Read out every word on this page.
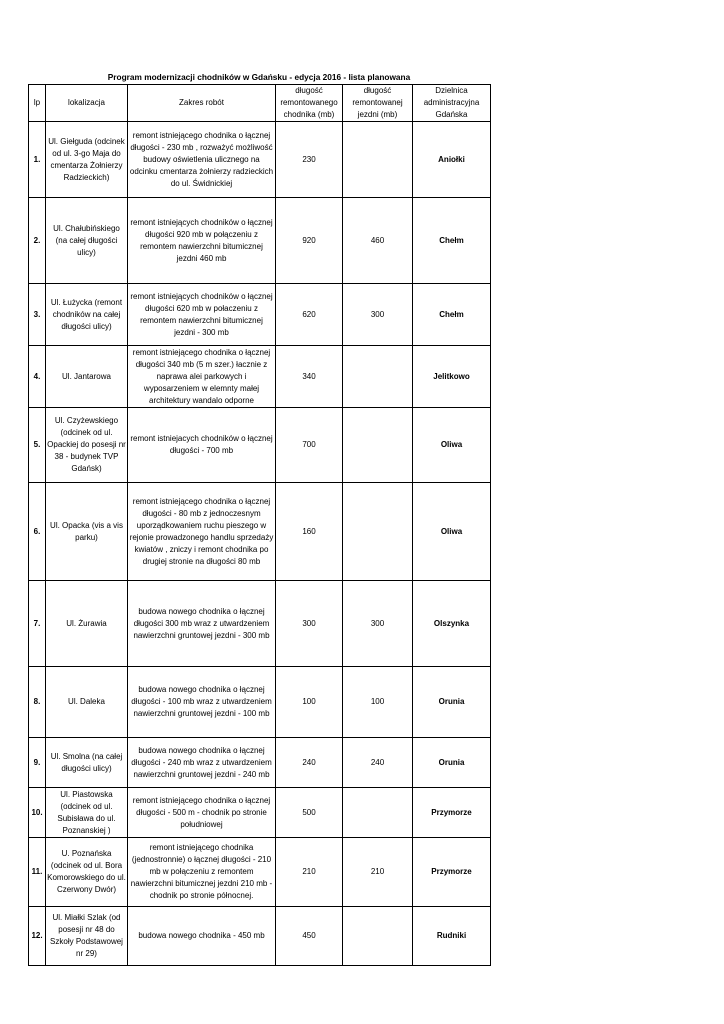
Program modernizacji chodników w Gdańsku - edycja 2016 - lista planowana
lp	lokalizacja	Zakres robót	długość remontowanego chodnika (mb)	długość remontowanej jezdni (mb)	Dzielnica administracyjna Gdańska
1.	Ul. Giełguda (odcinek od ul. 3-go Maja do cmentarza Żołnierzy Radzieckich)	remont istniejącego chodnika o łącznej długości - 230 mb , rozważyć możliwość budowy oświetlenia ulicznego na odcinku cmentarza żołnierzy radzieckich do ul. Świdnickiej	230		Aniołki
2.	Ul. Chałubińskiego (na całej długości ulicy)	remont istniejących chodników o łącznej długości 920 mb w połączeniu z remontem nawierzchni bitumicznej jezdni 460 mb	920	460	Chełm
3.	Ul. Łużycka (remont chodników na całej długości ulicy)	remont istniejących chodników o łącznej długości 620 mb w połaczeniu z remontem nawierzchni bitumicznej jezdni - 300 mb	620	300	Chełm
4.	Ul. Jantarowa	remont istniejącego chodnika o łącznej długości 340 mb (5 m szer.) łacznie z naprawa alei parkowych i wyposarzeniem w elemnty małej architektury wandalo odporne	340		Jelitkowo
5.	Ul. Czyżewskiego (odcinek od ul. Opackiej do posesji nr 38 - budynek TVP Gdańsk)	remont istniejacych chodników o łącznej długości - 700 mb	700		Oliwa
6.	Ul. Opacka (vis a vis parku)	remont istniejącego chodnika o łącznej długości - 80 mb z jednoczesnym uporządkowaniem ruchu pieszego w rejonie prowadzonego handlu sprzedaży kwiatów , zniczy i remont chodnika po drugiej stronie na długości 80 mb	160		Oliwa
7.	Ul. Żurawia	budowa nowego chodnika o łącznej długości 300 mb wraz z utwardzeniem nawierzchni gruntowej jezdni - 300 mb	300	300	Olszynka
8.	Ul. Daleka	budowa nowego chodnika o łącznej długości - 100 mb wraz z utwardzeniem nawierzchni gruntowej jezdni - 100 mb	100	100	Orunia
9.	Ul. Smolna (na całej długości ulicy)	budowa nowego chodnika o łącznej długości - 240 mb wraz z utwardzeniem nawierzchni gruntowej jezdni - 240 mb	240	240	Orunia
10.	Ul. Piastowska (odcinek od ul. Subisława do ul. Poznanskiej )	remont istniejącego chodnika o łącznej długości - 500 m - chodnik po stronie południowej	500		Przymorze
11.	U. Poznańska (odcinek od ul. Bora Komorowskiego do ul. Czerwony Dwór)	remont istniejącego chodnika (jednostronnie) o łącznej długości - 210 mb w połączeniu z remontem nawierzchni bitumicznej jezdni 210 mb - chodnik po stronie północnej.	210	210	Przymorze
12.	Ul. Miałki Szlak (od posesji nr 48 do Szkoły Podstawowej nr 29)	budowa nowego chodnika - 450 mb	450		Rudniki
